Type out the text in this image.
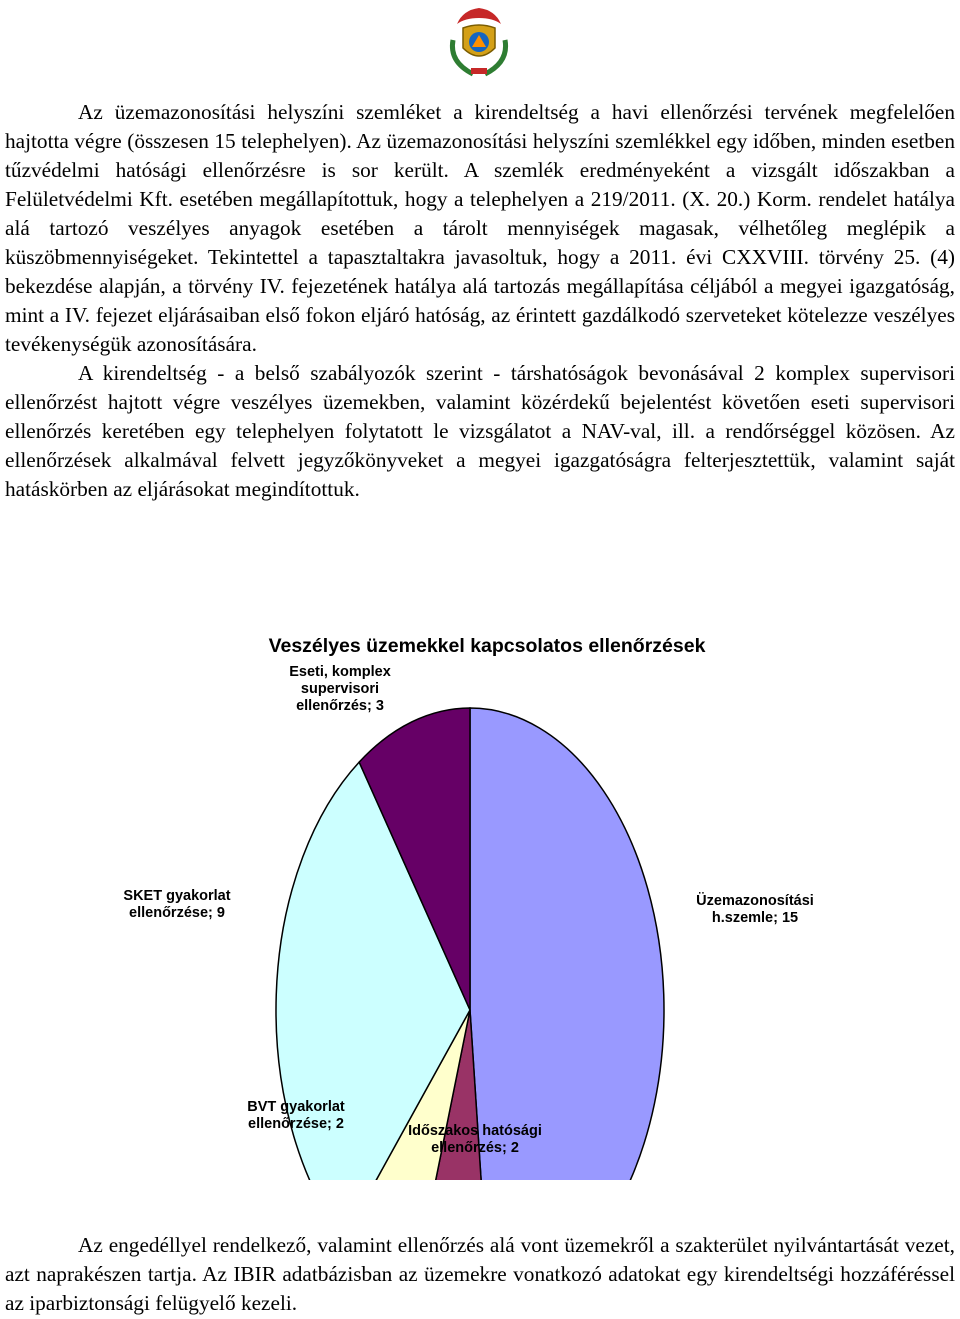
Az üzemazonosítási helyszíni szemléket a kirendeltség a havi ellenőrzési tervének megfelelően hajtotta végre (összesen 15 telephelyen). Az üzemazonosítási helyszíni szemlékkel egy időben, minden esetben tűzvédelmi hatósági ellenőrzésre is sor került. A szemlék eredményeként a vizsgált időszakban a Felületvédelmi Kft. esetében megállapítottuk, hogy a telephelyen a 219/2011. (X. 20.) Korm. rendelet hatálya alá tartozó veszélyes anyagok esetében a tárolt mennyiségek magasak, vélhetőleg meglépik a küszöbmennyiségeket. Tekintettel a tapasztaltakra javasoltuk, hogy a 2011. évi CXXVIII. törvény 25. (4) bekezdése alapján, a törvény IV. fejezetének hatálya alá tartozás megállapítása céljából a megyei igazgatóság, mint a IV. fejezet eljárásaiban első fokon eljáró hatóság, az érintett gazdálkodó szerveteket kötelezze veszélyes tevékenységük azonosítására.

A kirendeltség - a belső szabályozók szerint - társhatóságok bevonásával 2 komplex supervisori ellenőrzést hajtott végre veszélyes üzemekben, valamint közérdekű bejelentést követően eseti supervisori ellenőrzés keretében egy telephelyen folytatott le vizsgálatot a NAV-val, ill. a rendőrséggel közösen. Az ellenőrzések alkalmával felvett jegyzőkönyveket a megyei igazgatóságra felterjesztettük, valamint saját hatáskörben az eljárásokat megindítottuk.

Veszélyes üzemekkel kapcsolatos ellenőrzések
Üzemazonosítási h.szemle; 15
Időszakos hatósági ellenőrzés; 2
BVT gyakorlat ellenőrzése; 2
SKET gyakorlat ellenőrzése; 9
Eseti, komplex supervisori ellenőrzés; 3

Az engedéllyel rendelkező, valamint ellenőrzés alá vont üzemekről a szakterület nyilvántartását vezet, azt naprakészen tartja. Az IBIR adatbázisban az üzemekre vonatkozó adatokat egy kirendeltségi hozzáféréssel az iparbiztonsági felügyelő kezeli.
